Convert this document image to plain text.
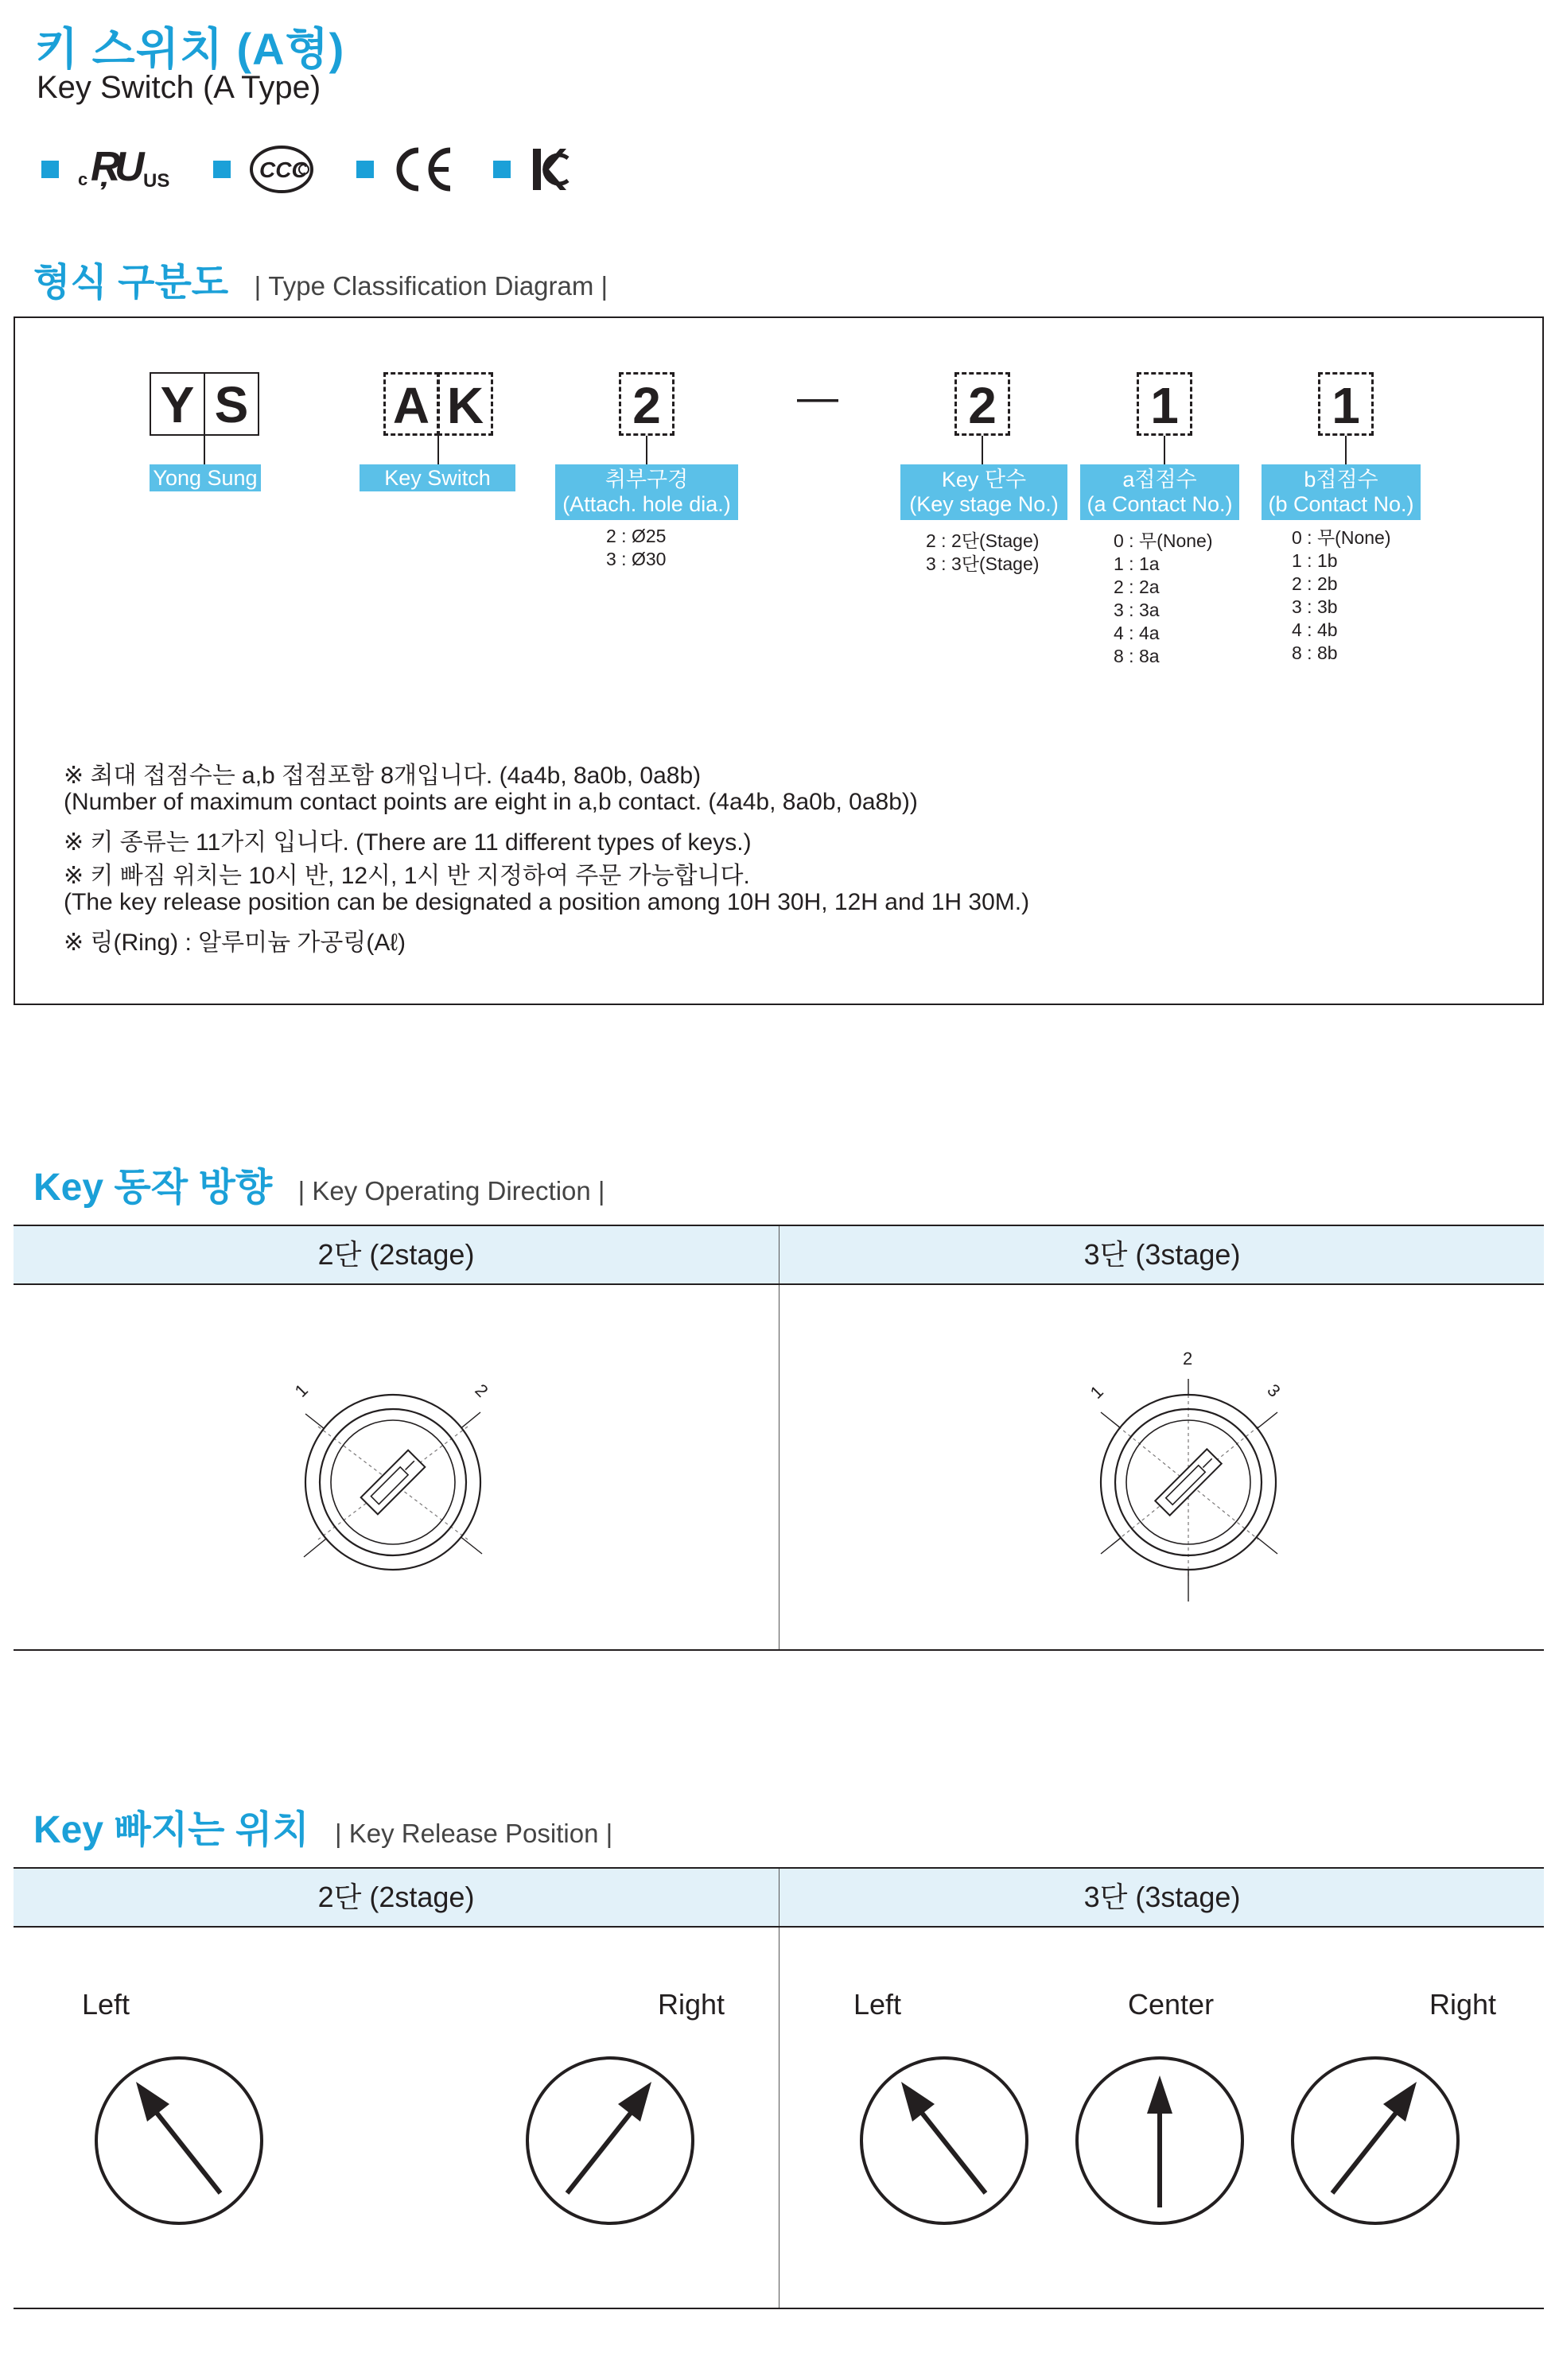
키 스위치 (A형)
Key Switch (A Type)
c Ŗ
U
US	CCC
형식 구분도 | Type Classification Diagram |
Y S	A K	2	—	2	1	1
Yong Sung	Key Switch	취부구경
(Attach. hole dia.)
Key 단수
(Key stage No.)
a접점수
(a Contact No.)
b접점수
(b Contact No.)
2 : Ø25
3 : Ø30
2 : 2단(Stage)
3 : 3단(Stage)
0 : 무(None)
1 : 1a
2 : 2a
3 : 3a
4 : 4a
8 : 8a
0 : 무(None)
1 : 1b
2 : 2b
3 : 3b
4 : 4b
8 : 8b
※ 최대 접점수는 a,b 접점포함 8개입니다. (4a4b, 8a0b, 0a8b)
(Number of maximum contact points are eight in a,b contact. (4a4b, 8a0b, 0a8b))
※ 키 종류는 11가지 입니다. (There are 11 different types of keys.)
※ 키 빠짐 위치는 10시 반, 12시, 1시 반 지정하여 주문 가능합니다.
(The key release position can be designated a position among 10H 30H, 12H and 1H 30M.)
※ 링(Ring) : 알루미늄 가공링(Aℓ)
Key 동작 방향 | Key Operating Direction |
2단 (2stage)	3단 (3stage)
1	2	1
2
3
Key 빠지는 위치 | Key Release Position |
2단 (2stage)	3단 (3stage)
Left	Right	Left	Center	Right
